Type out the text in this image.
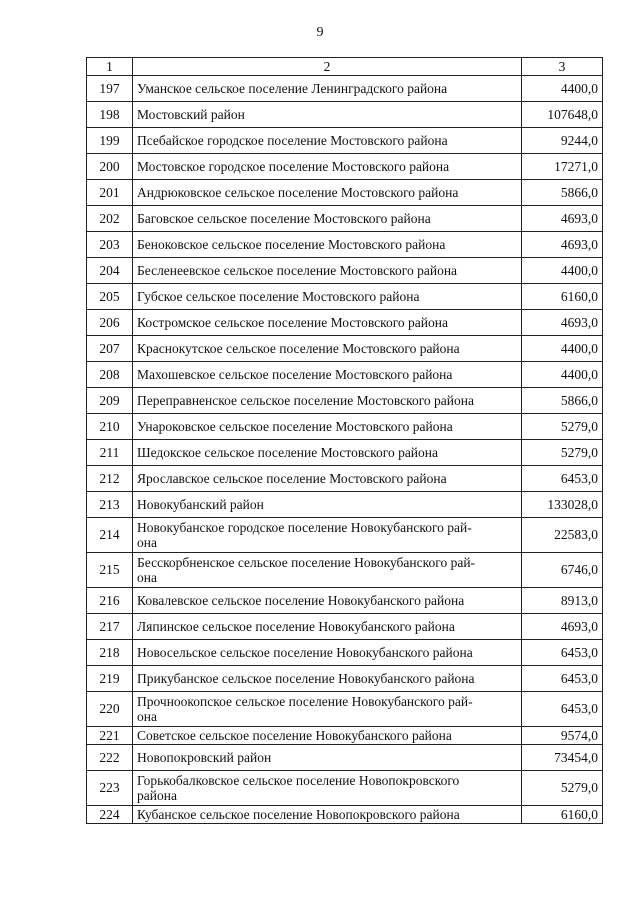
9
1	2	3
197	Уманское сельское поселение Ленинградского района	4400,0
198	Мостовский район	107648,0
199	Псебайское городское поселение Мостовского района	9244,0
200	Мостовское городское поселение Мостовского района	17271,0
201	Андрюковское сельское поселение Мостовского района	5866,0
202	Баговское сельское поселение Мостовского района	4693,0
203	Беноковское сельское поселение Мостовского района	4693,0
204	Бесленеевское сельское поселение Мостовского района	4400,0
205	Губское сельское поселение Мостовского района	6160,0
206	Костромское сельское поселение Мостовского района	4693,0
207	Краснокутское сельское поселение Мостовского района	4400,0
208	Махошевское сельское поселение Мостовского района	4400,0
209	Переправненское сельское поселение Мостовского района	5866,0
210	Унароковское сельское поселение Мостовского района	5279,0
211	Шедокское сельское поселение Мостовского района	5279,0
212	Ярославское сельское поселение Мостовского района	6453,0
213	Новокубанский район	133028,0
214	Новокубанское городское поселение Новокубанского рай-
она	22583,0
215	Бесскорбненское сельское поселение Новокубанского рай-
она	6746,0
216	Ковалевское сельское поселение Новокубанского района	8913,0
217	Ляпинское сельское поселение Новокубанского района	4693,0
218	Новосельское сельское поселение Новокубанского района	6453,0
219	Прикубанское сельское поселение Новокубанского района	6453,0
220	Прочноокопское сельское поселение Новокубанского рай-
она	6453,0
221	Советское сельское поселение Новокубанского района	9574,0
222	Новопокровский район	73454,0
223	Горькобалковское сельское поселение Новопокровского
района	5279,0
224	Кубанское сельское поселение Новопокровского района	6160,0
